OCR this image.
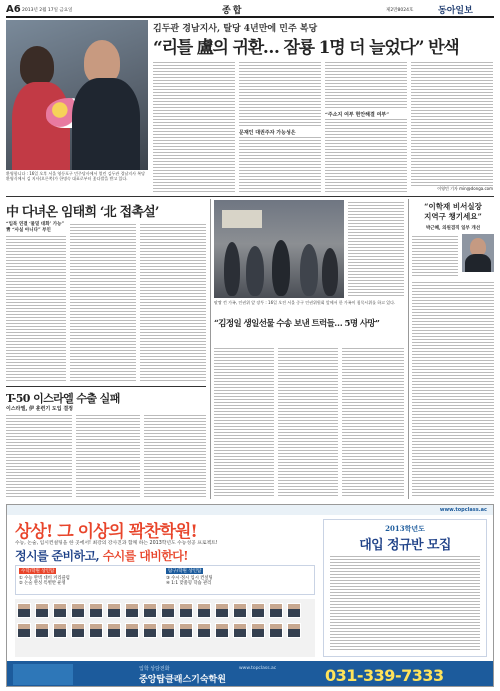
A6 2013년 2월 17일 금요일	종합	제2만8024호	동아일보
환영합니다 : 16일 오후 서울 영등포구 민주당사에서 열린 김두관 경남지사 복당 환영식에서 김 지사(오른쪽)가 한명숙 대표로부터 꽃다발을 받고 있다.
김두관 경남지사, 탈당 4년만에 민주 복당
“리틀 盧의 귀환… 잠룡 1명 더 늘었다” 반색
문재인 대권주자 가능성은
“주소지 여부 현안해결 여부”
이영민 기자 min@donga.com
中 다녀온 임태희 ‘北 접촉설’
“입북 연결 ‘물밑 대화’ 가능”
靑 “사실 아니다” 부인
팔짱 낀 가족, 인권위 앞 장투 : 16일 오전 서울 중구 인권위원회 앞에서 한 가족이 침묵시위를 하고 있다.
“김정일 생일선물 수송 보낸 트럭들… 5명 사망”
“이학재 비서실장
지역구 챙기세요”
박근혜, 의원겸직 일부 개선
T-50 이스라엘 수출 실패
이스라엘, 伊 훈련기 도입 결정
www.topclass.ac
상상! 그 이상의 꽉찬학원!
수능, 논술, 입시컨설팅을 한 곳에서! 최강의 강사진과 함께 하는 2013학년도 수능성공 프로젝트!
정시를 준비하고, 수시를 대비한다!
수학/학원 상인탑	탐구/학원 상인탑
① 수능 완벽 대비 커리큘럼
② 논술 완성 특별반 운영
③ 수시·정시 입시 컨설팅
④ 1:1 맞춤형 학습 관리
2013학년도
대입 정규반 모집
입학 상담전화
중앙탑클래스기숙학원
www.topclass.ac	031-339-7333
